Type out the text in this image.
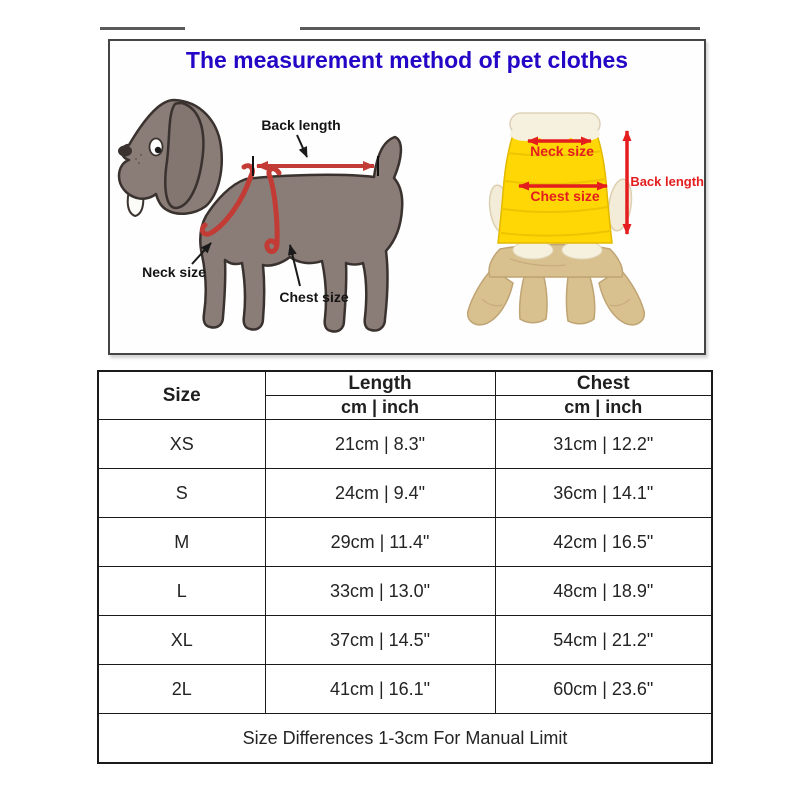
The measurement method of pet clothes
Back length
Neck size
Chest size
Neck size
Chest size
Back length
Size	Length	Chest
	cm | inch	cm | inch
XS	21cm | 8.3"	31cm | 12.2"
S	24cm | 9.4"	36cm | 14.1"
M	29cm | 11.4"	42cm | 16.5"
L	33cm | 13.0"	48cm | 18.9"
XL	37cm | 14.5"	54cm | 21.2"
2L	41cm | 16.1"	60cm | 23.6"
Size Differences 1-3cm For Manual Limit		
